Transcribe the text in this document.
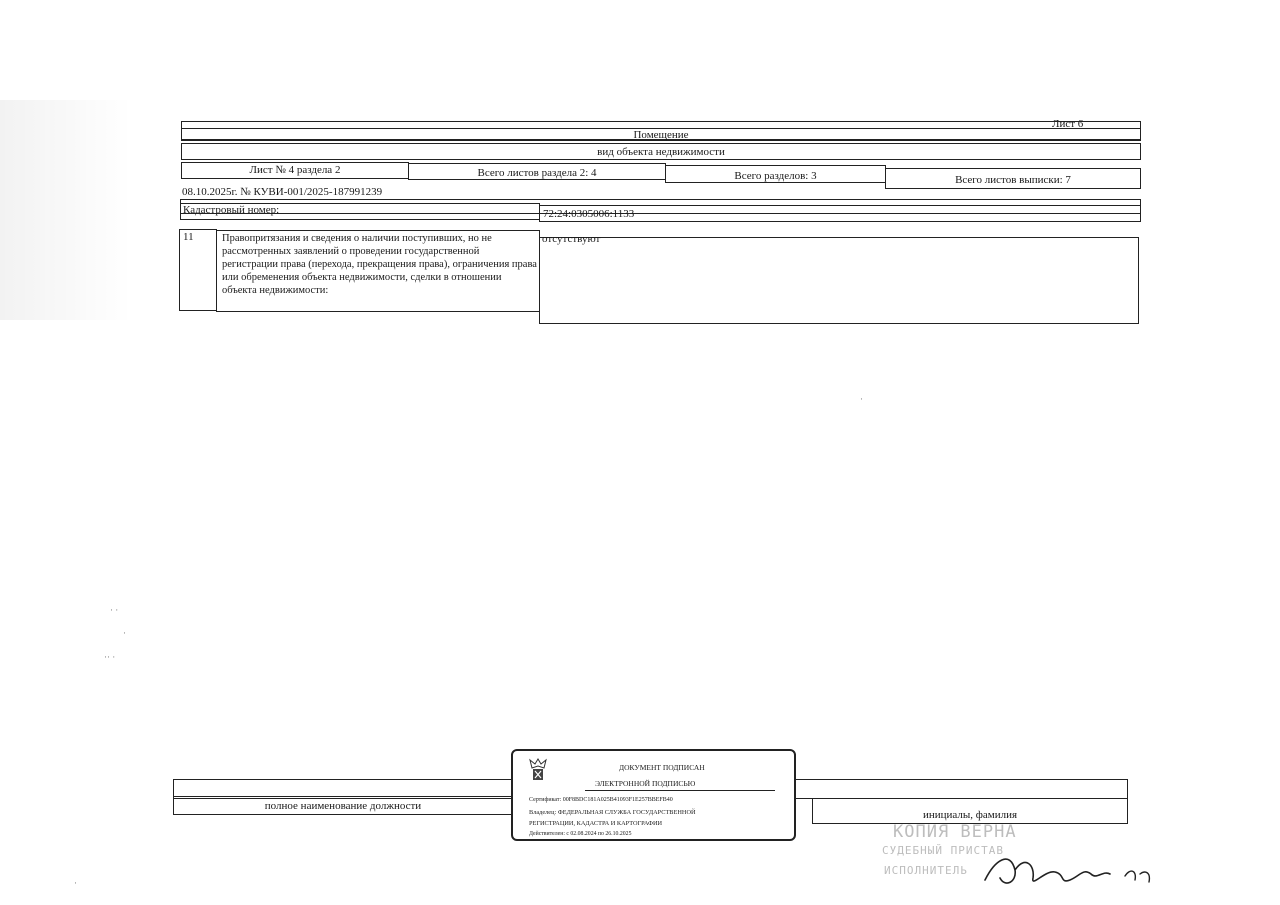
Лист 6
Помещение
вид объекта недвижимости
Лист № 4 раздела 2	Всего листов раздела 2: 4	Всего разделов: 3	Всего листов выписки: 7
08.10.2025г. № КУВИ-001/2025-187991239
Кадастровый номер:	72:24:0305006:1133
11	Правопритязания и сведения о наличии поступивших, но не рассмотренных заявлений о проведении государственной регистрации права (перехода, прекращения права), ограничения права или обременения объекта недвижимости, сделки в отношении объекта недвижимости:
отсутствуют
· ·
·
·· ·
·
полное наименование должности
инициалы, фамилия
ДОКУМЕНТ ПОДПИСАН
ЭЛЕКТРОННОЙ ПОДПИСЬЮ
Сертификат: 00F8BDC181A025B41093F1E257BBEFB40
Владелец: ФЕДЕРАЛЬНАЯ СЛУЖБА ГОСУДАРСТВЕННОЙ
РЕГИСТРАЦИИ, КАДАСТРА И КАРТОГРАФИИ
Действителен: с 02.08.2024 по 26.10.2025	КОПИЯ ВЕРНА
СУДЕБНЫЙ ПРИСТАВ
ИСПОЛНИТЕЛЬ
·
